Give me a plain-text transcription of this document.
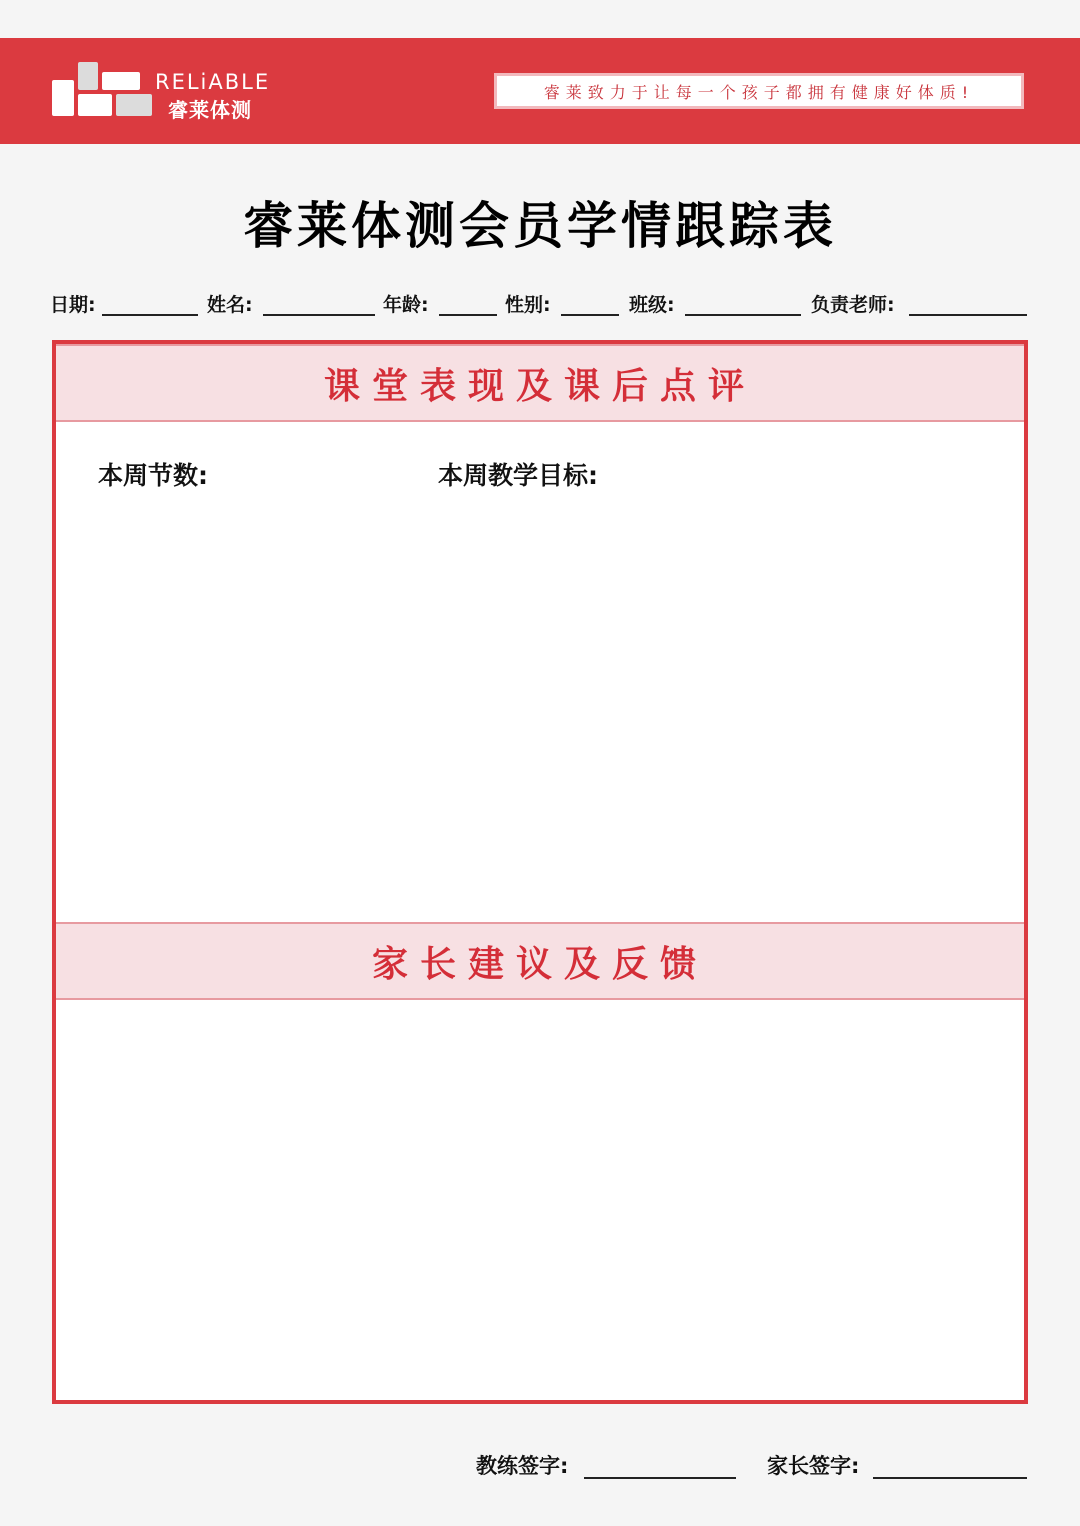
RELiABLE
睿莱体测
睿莱致力于让每一个孩子都拥有健康好体质!
睿莱体测会员学情跟踪表
日期:	姓名:	年龄:	性别:	班级:	负责老师:
课堂表现及课后点评
本周节数:	本周教学目标:
家长建议及反馈
教练签字:	家长签字:
